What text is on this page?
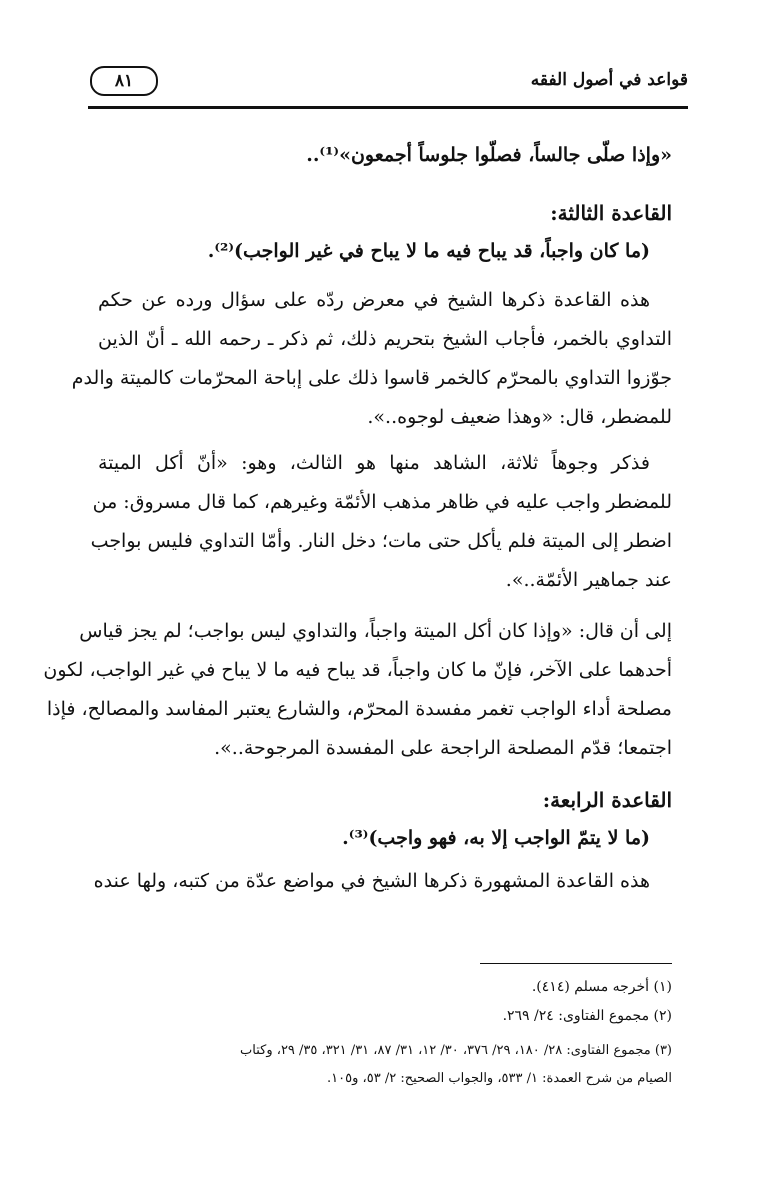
قواعد في أصول الفقه
٨١
«وإذا صلّى جالساً، فصلّوا جلوساً أجمعون»⁽¹⁾..
القاعدة الثالثة:
(ما كان واجباً، قد يباح فيه ما لا يباح في غير الواجب)⁽²⁾.
هذه القاعدة ذكرها الشيخ في معرض ردّه على سؤال ورده عن حكم
التداوي بالخمر، فأجاب الشيخ بتحريم ذلك، ثم ذكر ـ رحمه الله ـ أنّ الذين
جوّزوا التداوي بالمحرّم كالخمر قاسوا ذلك على إباحة المحرّمات كالميتة والدم
للمضطر، قال: «وهذا ضعيف لوجوه..».
فذكر وجوهاً ثلاثة، الشاهد منها هو الثالث، وهو: «أنّ أكل الميتة
للمضطر واجب عليه في ظاهر مذهب الأئمّة وغيرهم، كما قال مسروق: من
اضطر إلى الميتة فلم يأكل حتى مات؛ دخل النار. وأمّا التداوي فليس بواجب
عند جماهير الأئمّة..».
إلى أن قال: «وإذا كان أكل الميتة واجباً، والتداوي ليس بواجب؛ لم يجز قياس
أحدهما على الآخر، فإنّ ما كان واجباً، قد يباح فيه ما لا يباح في غير الواجب، لكون
مصلحة أداء الواجب تغمر مفسدة المحرّم، والشارع يعتبر المفاسد والمصالح، فإذا
اجتمعا؛ قدّم المصلحة الراجحة على المفسدة المرجوحة..».
القاعدة الرابعة:
(ما لا يتمّ الواجب إلا به، فهو واجب)⁽³⁾.
هذه القاعدة المشهورة ذكرها الشيخ في مواضع عدّة من كتبه، ولها عنده
(١) أخرجه مسلم (٤١٤).
(٢) مجموع الفتاوى: ٢٤/ ٢٦٩.
(٣) مجموع الفتاوى: ٢٨/ ١٨٠، ٢٩/ ٣٧٦، ٣٠/ ١٢، ٣١/ ٨٧، ٣١/ ٣٢١، ٣٥/ ٢٩، وكتاب
الصيام من شرح العمدة: ١/ ٥٣٣، والجواب الصحيح: ٢/ ٥٣، و١٠٥.
